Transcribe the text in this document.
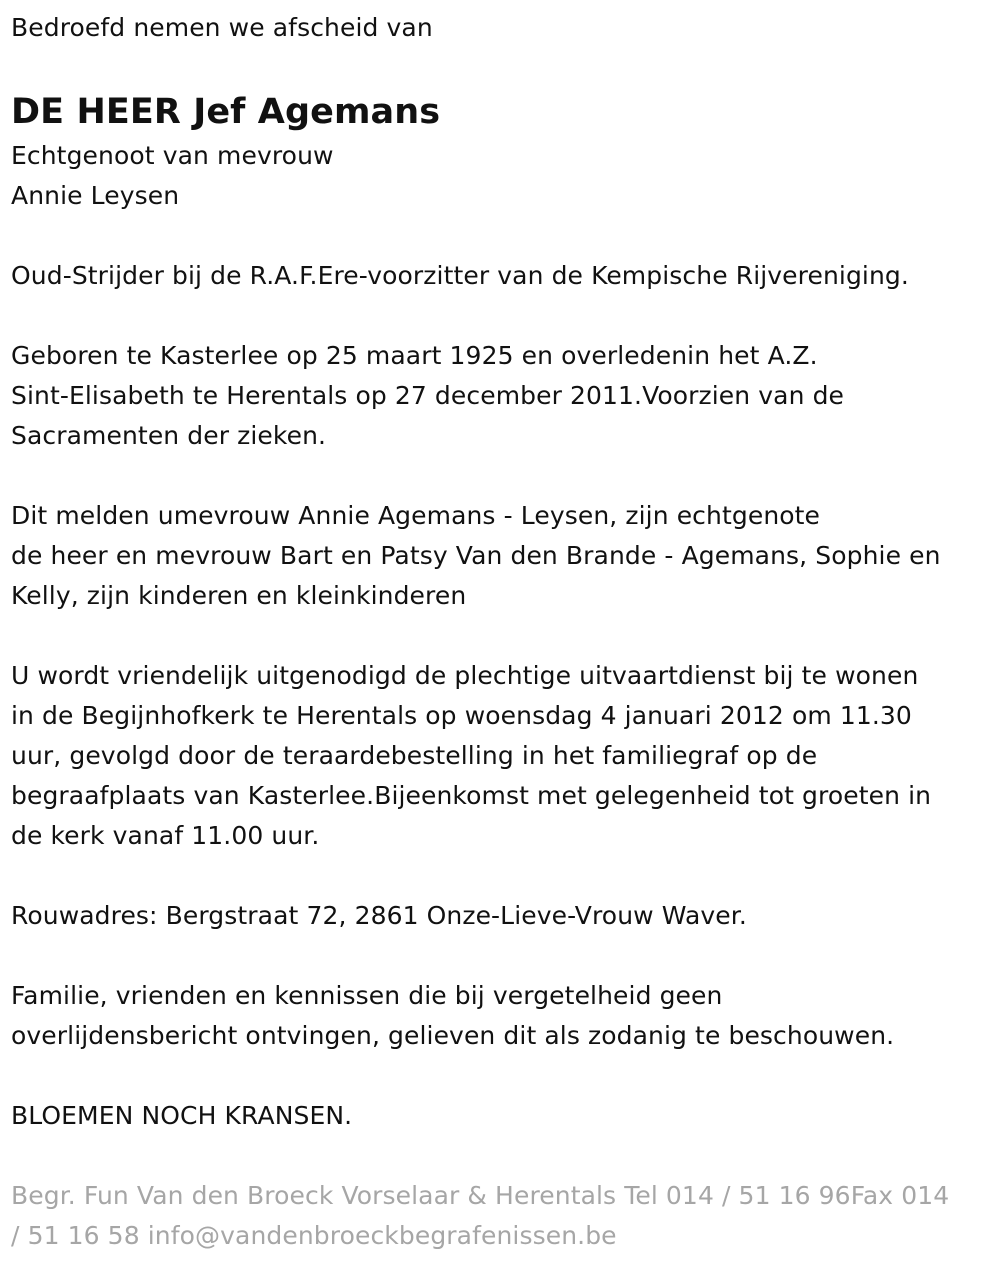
Bedroefd nemen we afscheid van
DE HEER Jef Agemans
Echtgenoot van mevrouw
Annie Leysen
Oud-Strijder bij de R.A.F.Ere-voorzitter van de Kempische Rijvereniging.
Geboren te Kasterlee op 25 maart 1925 en overledenin het A.Z.
Sint-Elisabeth te Herentals op 27 december 2011.Voorzien van de
Sacramenten der zieken.
Dit melden umevrouw Annie Agemans - Leysen, zijn echtgenote
de heer en mevrouw Bart en Patsy Van den Brande - Agemans, Sophie en
Kelly, zijn kinderen en kleinkinderen
U wordt vriendelijk uitgenodigd de plechtige uitvaartdienst bij te wonen
in de Begijnhofkerk te Herentals op woensdag 4 januari 2012 om 11.30
uur, gevolgd door de teraardebestelling in het familiegraf op de
begraafplaats van Kasterlee.Bijeenkomst met gelegenheid tot groeten in
de kerk vanaf 11.00 uur.
Rouwadres: Bergstraat 72, 2861 Onze-Lieve-Vrouw Waver.
Familie, vrienden en kennissen die bij vergetelheid geen
overlijdensbericht ontvingen, gelieven dit als zodanig te beschouwen.
BLOEMEN NOCH KRANSEN.
Begr. Fun Van den Broeck Vorselaar & Herentals Tel 014 / 51 16 96Fax 014
/ 51 16 58 info@vandenbroeckbegrafenissen.be
